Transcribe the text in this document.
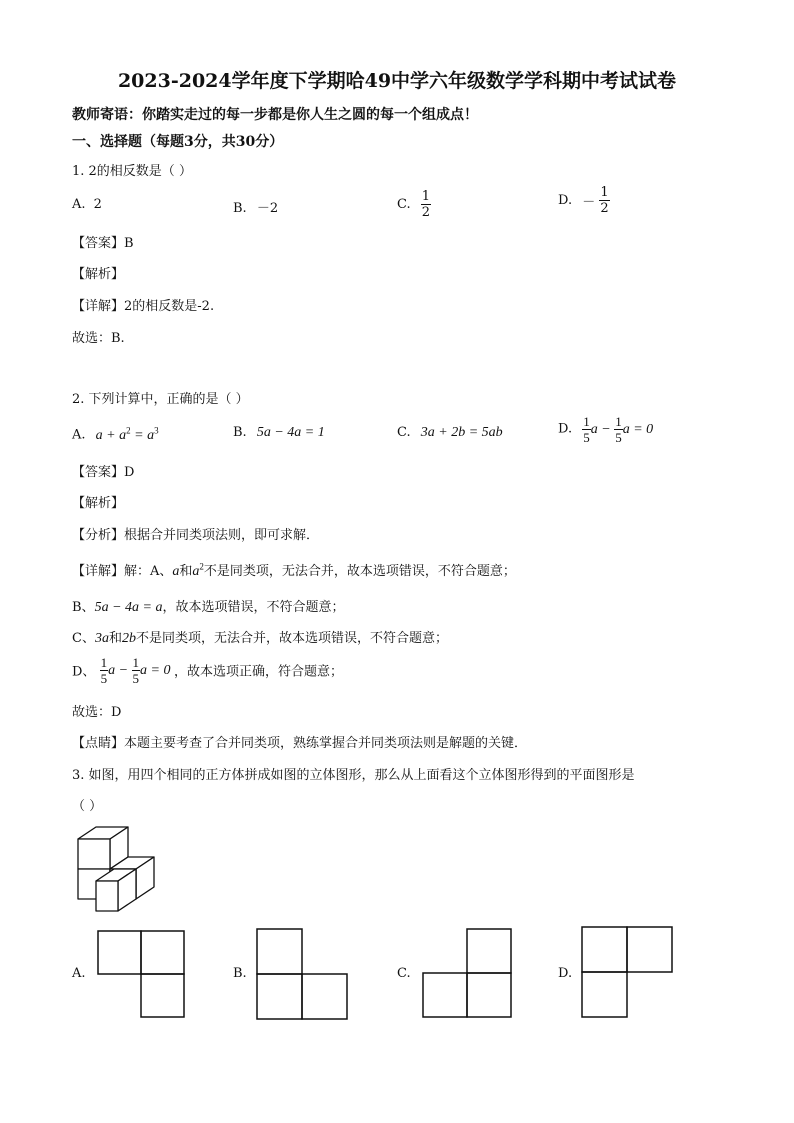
2023-2024学年度下学期哈49中学六年级数学学科期中考试试卷
教师寄语：你踏实走过的每一步都是你人生之圆的每一个组成点！
一、选择题（每题3分，共30分）
1. 2的相反数是（ ）
A. 2	B. －2	C. $\frac{1}{2}$	D. － $\frac{1}{2}$
【答案】B
【解析】
【详解】2的相反数是-2.
故选：B.
2. 下列计算中，正确的是（ ）
A. $a + a^2 = a^3$	B. 5a − 4a = 1	C. 3a + 2b = 5ab	D. $\frac{1}{5}$ $a - \frac{1}{5}$ a = 0
【答案】D
【解析】
【分析】根据合并同类项法则，即可求解．
【详解】解：A、a和$a^2$不是同类项，无法合并，故本选项错误，不符合题意；
B、5a − 4a = a，故本选项错误，不符合题意；
C、3a和2b不是同类项，无法合并，故本选项错误，不符合题意；
D、 $\frac{1}{5}$ $a - \frac{1}{5}$ a = 0 ，故本选项正确，符合题意；
故选：D
【点睛】本题主要考查了合并同类项，熟练掌握合并同类项法则是解题的关键．
3. 如图，用四个相同的正方体拼成如图的立体图形，那么从上面看这个立体图形得到的平面图形是
（ ）
A.	B.	C.	D.
